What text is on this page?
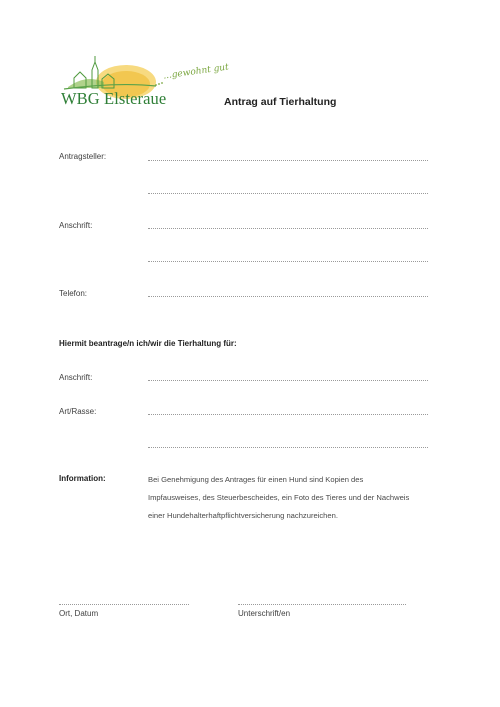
WBG Elsteraue
...gewohnt gut
Antrag auf Tierhaltung
Antragsteller:
Anschrift:
Telefon:
Hiermit beantrage/n ich/wir die Tierhaltung für:
Anschrift:
Art/Rasse:
Information:	Bei Genehmigung des Antrages für einen Hund sind Kopien des
Impfausweises, des Steuerbescheides, ein Foto des Tieres und der Nachweis
einer Hundehalterhaftpflichtversicherung nachzureichen.
Ort, Datum	Unterschrift/en
